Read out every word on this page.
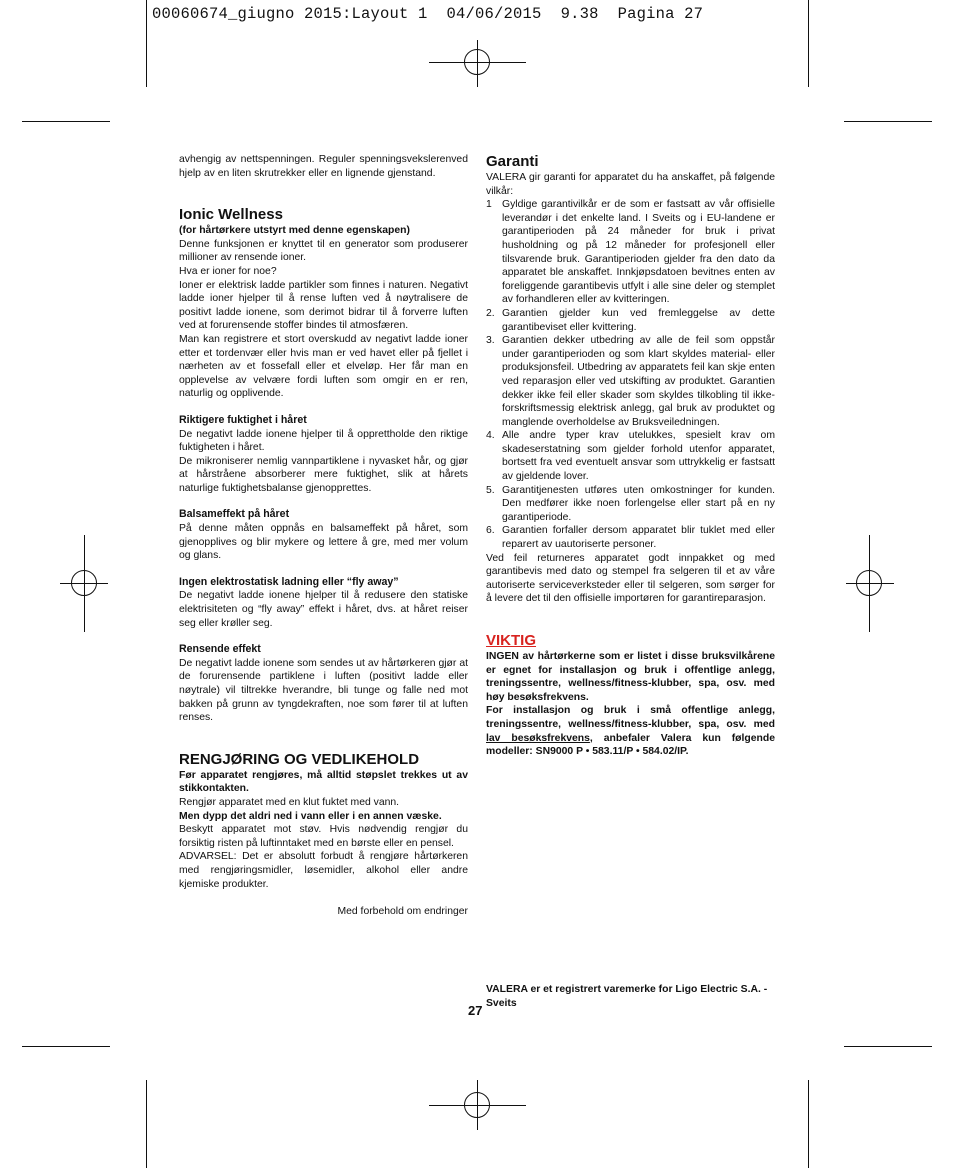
00060674_giugno 2015:Layout 1  04/06/2015  9.38  Pagina 27

avhengig av nettspenningen. Reguler spenningsvekslerenved hjelp av en liten skrutrekker eller en lignende gjenstand.

Ionic Wellness

(for hårtørkere utstyrt med denne egenskapen)

Denne funksjonen er knyttet til en generator som produserer millioner av rensende ioner.

Hva er ioner for noe?

Ioner er elektrisk ladde partikler som finnes i naturen. Negativt ladde ioner hjelper til å rense luften ved å nøytralisere de positivt ladde ionene, som derimot bidrar til å forverre luften ved at forurensende stoffer bindes til atmosfæren.

Man kan registrere et stort overskudd av negativt ladde ioner etter et tordenvær eller hvis man er ved havet eller på fjellet i nærheten av et fossefall eller et elveløp. Her får man en opplevelse av velvære fordi luften som omgir en er ren, naturlig og opplivende.

Riktigere fuktighet i håret

De negativt ladde ionene hjelper til å opprettholde den riktige fuktigheten i håret.

De mikroniserer nemlig vannpartiklene i nyvasket hår, og gjør at hårstråene absorberer mere fuktighet, slik at hårets naturlige fuktighetsbalanse gjenopprettes.

Balsameffekt på håret

På denne måten oppnås en balsameffekt på håret, som gjenopplives og blir mykere og lettere å gre, med mer volum og glans.

Ingen elektrostatisk ladning eller “fly away”

De negativt ladde ionene hjelper til å redusere den statiske elektrisiteten og “fly away” effekt i håret, dvs. at håret reiser seg eller krøller seg.

Rensende effekt

De negativt ladde ionene som sendes ut av hårtørkeren gjør at de forurensende partiklene i luften (positivt ladde eller nøytrale) vil tiltrekke hverandre, bli tunge og falle ned mot bakken på grunn av tyngdekraften, noe som fører til at luften renses.

RENGJØRING OG VEDLIKEHOLD

Før apparatet rengjøres, må alltid støpslet trekkes ut av stikkontakten.

Rengjør apparatet med en klut fuktet med vann.

Men dypp det aldri ned i vann eller i en annen væske.

Beskytt apparatet mot støv. Hvis nødvendig rengjør du forsiktig risten på luftinntaket med en børste eller en pensel.

ADVARSEL: Det er absolutt forbudt å rengjøre hårtørkeren med rengjøringsmidler, løsemidler, alkohol eller andre kjemiske produkter.

Med forbehold om endringer

Garanti

VALERA gir garanti for apparatet du ha anskaffet, på følgende vilkår:

1 Gyldige garantivilkår er de som er fastsatt av vår offisielle leverandør i det enkelte land. I Sveits og i EU-landene er garantiperioden på 24 måneder for bruk i privat husholdning og på 12 måneder for profesjonell eller tilsvarende bruk. Garantiperioden gjelder fra den dato da apparatet ble anskaffet. Innkjøpsdatoen bevitnes enten av foreliggende garantibevis utfylt i alle sine deler og stemplet av forhandleren eller av kvitteringen.
2. Garantien gjelder kun ved fremleggelse av dette garantibeviset eller kvittering.
3. Garantien dekker utbedring av alle de feil som oppstår under garantiperioden og som klart skyldes material- eller produksjonsfeil. Utbedring av apparatets feil kan skje enten ved reparasjon eller ved utskifting av produktet. Garantien dekker ikke feil eller skader som skyldes tilkobling til ikke-forskriftsmessig elektrisk anlegg, gal bruk av produktet og manglende overholdelse av Bruksveiledningen.
4. Alle andre typer krav utelukkes, spesielt krav om skadeserstatning som gjelder forhold utenfor apparatet, bortsett fra ved eventuelt ansvar som uttrykkelig er fastsatt av gjeldende lover.
5. Garantitjenesten utføres uten omkostninger for kunden. Den medfører ikke noen forlengelse eller start på en ny garantiperiode.
6. Garantien forfaller dersom apparatet blir tuklet med eller reparert av uautoriserte personer.

Ved feil returneres apparatet godt innpakket og med garantibevis med dato og stempel fra selgeren til et av våre autoriserte serviceverksteder eller til selgeren, som sørger for å levere det til den offisielle importøren for garantireparasjon.

VIKTIG

INGEN av hårtørkerne som er listet i disse bruksvilkårene er egnet for installasjon og bruk i offentlige anlegg, treningssentre, wellness/fitness-klubber, spa, osv. med høy besøksfrekvens.

For installasjon og bruk i små offentlige anlegg, treningssentre, wellness/fitness-klubber, spa, osv. med lav besøksfrekvens, anbefaler Valera kun følgende modeller: SN9000 P • 583.11/P • 584.02/IP.

VALERA er et registrert varemerke for Ligo Electric S.A. - Sveits

27
